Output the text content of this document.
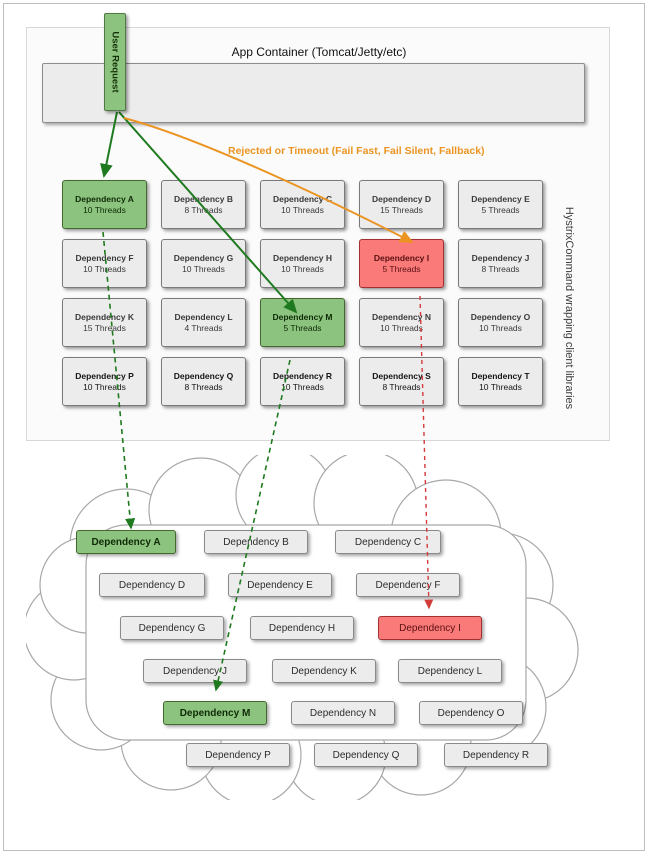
App Container (Tomcat/Jetty/etc)
User Request
Rejected or Timeout (Fail Fast, Fail Silent, Fallback)
HystrixCommand wrapping client libraries
Dependency A
10 Threads
Dependency B
8 Threads
Dependency C
10 Threads
Dependency D
15 Threads
Dependency E
5 Threads
Dependency F
10 Threads
Dependency G
10 Threads
Dependency H
10 Threads
Dependency I
5 Threads
Dependency J
8 Threads
Dependency K
15 Threads
Dependency L
4 Threads
Dependency M
5 Threads
Dependency N
10 Threads
Dependency O
10 Threads
Dependency P
10 Threads
Dependency Q
8 Threads
Dependency R
10 Threads
Dependency S
8 Threads
Dependency T
10 Threads
Dependency A	Dependency B	Dependency C
Dependency D	Dependency E	Dependency F
Dependency G	Dependency H	Dependency I
Dependency J	Dependency K	Dependency L
Dependency M	Dependency N	Dependency O
Dependency P	Dependency Q	Dependency R
